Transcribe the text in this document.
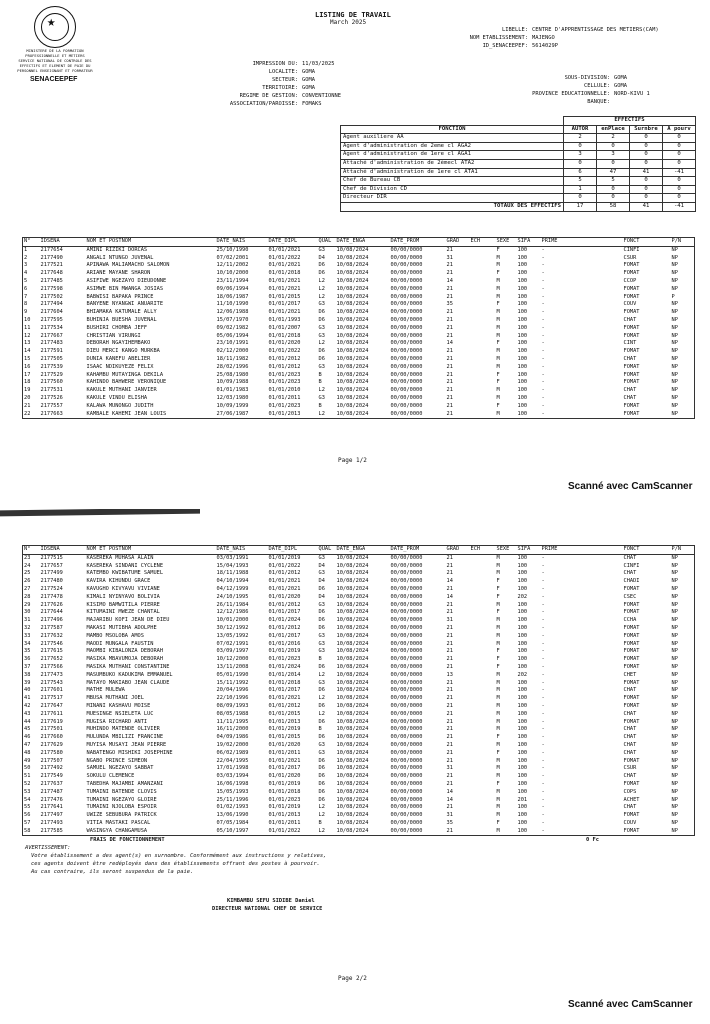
★
MINISTERE DE LA FORMATION
PROFESSIONNELLE ET METIERS
SERVICE NATIONAL DE CONTROLE DES
EFFECTIFS ET ELEMENT DE PAIE DU
PERSONNEL ENSEIGNANT ET FORMATEUR
SENACEEPEF
LISTING DE TRAVAIL
March 2025
LIBELLE: CENTRE D'APPRENTISSAGE DES METIERS(CAM)
NOM ETABLISSEMENT: MAJENGO
ID_SENACEEPEF: 5614029P
IMPRESSION DU: 11/03/2025
LOCALITE: GOMA
SECTEUR: GOMA
TERRITOIRE: GOMA
REGIME DE GESTION: CONVENTIONNE
ASSOCIATION/PAROISSE: FOMAKS
SOUS-DIVISION: GOMA
CELLULE: GOMA
PROVINCE EDUCATIONNELLE: NORD-KIVU 1
BANQUE:
	EFFECTIFS			
FONCTION	AUTOR	enPlace	Surnbre	A pourv
Agent auxiliere AA	2	2	0	0
Agent d'administration de 2eme cl AGA2	0	0	0	0
Agent d'administration de 1ere cl AGA1	3	3	0	0
Attaché d'administration de 2èmecl ATA2	0	0	0	0
Attaché d'administration de 1ere cl ATA1	6	47	41	-41
Chef de Bureau CB	5	5	0	0
Chef de Division CD	1	0	0	0
Directeur DIR	0	0	0	0
TOTAUX DES EFFECTIFS	17	58	41	-41
N°	IDSENA	NOM ET POSTNOM	DATE_NAIS	DATE_DIPL	QUAL	DATE_ENGA	DATE_PROM	GRAD	ECH	SEXE	SIFA	PRIME	FONCT	P/N
1	2177654	AMINI RIZIKI DORCAS	25/10/1990	01/01/2021	G3	10/08/2024	00/00/0000	21		F	100	-	CINFI	NP
2	2177490	ANGALI NTUNGO JUVENAL	07/02/2001	01/01/2022	D4	10/08/2024	00/00/0000	31		M	100	-	CSUR	NP
3	2177521	APINAWA MALIAMACHO SALOMON	12/11/2002	01/01/2021	D6	10/08/2024	00/00/0000	21		M	100	-	FOMAT	NP
4	2177648	ARIANE MAYANE SHARON	10/10/2000	01/01/2018	D6	10/08/2024	00/00/0000	21		F	100	-	FOMAT	NP
5	2177485	ASIFIWE NGEZAYO DIEUDONNE	23/11/1994	01/01/2021	L2	10/08/2024	00/00/0000	14		M	100	-	CCOP	NP
6	2177598	ASIMWE BIN MWANGA JOSIAS	09/06/1994	01/01/2021	L2	10/08/2024	00/00/0000	21		M	100	-	FOMAT	NP
7	2177502	BABWISI BAPAKA PRINCE	18/06/1987	01/01/2015	L2	10/08/2024	00/00/0000	21		M	100	-	FOMAT	P
8	2177494	BANYENE NYANGWI ANUARITE	11/10/1990	01/01/2017	G3	10/08/2024	00/00/0000	35		F	100	-	COUV	NP
9	2177604	BHIAMAKA KATUMALE ALLY	12/06/1988	01/01/2021	D6	10/08/2024	00/00/0000	21		M	100	-	FOMAT	NP
10	2177595	BUHINJA BUESHA JUVENAL	15/07/1970	01/01/1993	D6	10/08/2024	00/00/0000	21		M	100	-	CHAT	NP
11	2177534	BUSHIRI CHOMBA JEFF	09/02/1982	01/01/2007	G3	10/08/2024	00/00/0000	21		M	100	-	FOMAT	NP
12	2177667	CHRISTIAN VIRUNGI	05/06/1994	01/01/2018	G3	10/08/2024	00/00/0000	21		M	100	-	FOMAT	NP
13	2177483	DEBORAH NGAYIHEMBAKO	23/10/1991	01/01/2020	L2	10/08/2024	00/00/0000	14		F	100	-	CINT	NP
14	2177591	DIEU MERCI KANGO MURKBA	02/12/2000	01/01/2022	D6	10/08/2024	00/00/0000	21		M	100	-	FOMAT	NP
15	2177505	DUNIA KANEFU ABELIER	18/11/1982	01/01/2012	D6	10/08/2024	00/00/0000	21		M	100	-	CHAT	NP
16	2177539	ISAAC NDIKUYEZE FELIX	28/02/1996	01/01/2012	G3	10/08/2024	00/00/0000	21		M	100	-	FOMAT	NP
17	2177529	KAHAMBU MUTAYINGA DEKILA	25/08/1980	01/01/2023	B	10/08/2024	00/00/0000	21		F	100	-	FOMAT	NP
18	2177560	KAHINDO BAHWERE VERONIQUE	10/09/1988	01/01/2023	B	10/08/2024	00/00/0000	21		F	100	-	FOMAT	NP
19	2177531	KAKULE MUTHANI JANVIER	01/01/1983	01/01/2010	L2	10/08/2024	00/00/0000	21		M	100	-	CHAT	NP
20	2177526	KAKULE VINDU ELISHA	12/03/1980	01/01/2011	G3	10/08/2024	00/00/0000	21		M	100	-	CHAT	NP
21	2177557	KALAWA MUNONGO JUDITH	10/09/1999	01/01/2023	B	10/08/2024	00/00/0000	21		F	100	-	FOMAT	NP
22	2177663	KAMBALE KAHEMI JEAN LOUIS	27/06/1987	01/01/2013	L2	10/08/2024	00/00/0000	21		M	100	-	FOMAT	NP
Page 1/2
Scanné avec CamScanner
N°	IDSENA	NOM ET POSTNOM	DATE_NAIS	DATE_DIPL	QUAL	DATE_ENGA	DATE_PROM	GRAD	ECH	SEXE	SIFA	PRIME	FONCT	P/N
23	2177515	KASEREKA MUHASA ALAIN	03/03/1991	01/01/2019	G3	10/08/2024	00/00/0000	21		M	100	-	CHAT	NP
24	2177657	KASEREKA SINDANI CYCLENE	15/04/1993	01/01/2022	D4	10/08/2024	00/00/0000	21		M	100	-	CINFI	NP
25	2177499	KATEMBO KWIBATUME SAMUEL	18/11/1988	01/01/2012	G3	10/08/2024	00/00/0000	21		M	100	-	CHAT	NP
26	2177480	KAVIRA KIHUNDU GRACE	04/10/1994	01/01/2021	D4	10/08/2024	00/00/0000	14		F	100	-	CHADI	NP
27	2177524	KAVUGHO KIVYAVU VIVIANE	04/12/1999	01/01/2021	D6	10/08/2024	00/00/0000	21		F	100	-	FOMAT	NP
28	2177478	KIMALI NYINYAVO BOLIVIA	24/10/1995	01/01/2020	D4	10/08/2024	00/00/0000	14		F	202	-	CSEC	NP
29	2177626	KISIMO BAMWITILA PIERRE	26/11/1984	01/01/2012	G3	10/08/2024	00/00/0000	21		M	100	-	FOMAT	NP
30	2177644	KITUMAINI MWEZE CHANTAL	12/12/1986	01/01/2017	D6	10/08/2024	00/00/0000	21		F	100	-	FOMAT	NP
31	2177496	MAJARIBU KOFI JEAN DE DIEU	10/01/2000	01/01/2024	D6	10/08/2024	00/00/0000	31		M	100	-	CCHA	NP
32	2177587	MAKASI MUTIBHA ADOLPHE	30/12/1992	01/01/2012	D6	10/08/2024	00/00/0000	21		M	100	-	FOMAT	NP
33	2177632	MAMBO MSOLOBA AMOS	13/05/1992	01/01/2017	G3	10/08/2024	00/00/0000	21		M	100	-	FOMAT	NP
34	2177546	MAODI MUNGALA FAUSTIN	07/02/1991	01/01/2016	G3	10/08/2024	00/00/0000	21		M	100	-	FOMAT	NP
35	2177615	MAOMBI KIBALONZA DEBORAH	03/09/1997	01/01/2019	G3	10/08/2024	00/00/0000	21		F	100	-	FOMAT	NP
36	2177652	MASIKA MBAVUMOJA DEBORAH	10/12/2000	01/01/2023	B	10/08/2024	00/00/0000	21		F	100	-	FOMAT	NP
37	2177566	MASIKA MUTHANI CONSTANTINE	13/11/2008	01/01/2024	D6	10/08/2024	00/00/0000	21		F	100	-	FOMAT	NP
38	2177473	MASUMBUKO KADUKIMA EMMANUEL	05/01/1990	01/01/2014	L2	10/08/2024	00/00/0000	13		M	202	-	CHET	NP
39	2177543	MATAYO MAKIABO JEAN CLAUDE	15/11/1992	01/01/2018	G3	10/08/2024	00/00/0000	21		M	100	-	FOMAT	NP
40	2177601	MATHE MULEWA	20/04/1996	01/01/2017	D6	10/08/2024	00/00/0000	21		M	100	-	CHAT	NP
41	2177517	MBUSA MUTHANI JOEL	22/10/1996	01/01/2021	L2	10/08/2024	00/00/0000	21		M	100	-	FOMAT	NP
42	2177647	MINANI KASHAVU MOISE	08/09/1993	01/01/2012	D6	10/08/2024	00/00/0000	21		M	100	-	FOMAT	NP
43	2177611	MUESINGE NSIELETA LUC	08/05/1988	01/01/2015	L2	10/08/2024	00/00/0000	21		M	100	-	CHAT	NP
44	2177619	MUGISA RICHARD ANTI	11/11/1995	01/01/2013	D6	10/08/2024	00/00/0000	21		M	100	-	FOMAT	NP
45	2177501	MUHINDO MATENDE OLIVIER	16/11/2000	01/01/2019	B	10/08/2024	00/00/0000	21		M	100	-	CHAT	NP
46	2177660	MULUNDA MBILIZI FRANCINE	04/09/1986	01/01/2015	D6	10/08/2024	00/00/0000	21		F	100	-	CHAT	NP
47	2177629	MUYISA MUSAYI JEAN PIERRE	19/02/2000	01/01/2020	G3	10/08/2024	00/00/0000	21		M	100	-	CHAT	NP
48	2177580	NABATENGO MISHIKI JOSEPHINE	06/02/1989	01/01/2011	G3	10/08/2024	00/00/0000	21		F	100	-	CHAT	NP
49	2177507	NGABO PRINCE SIMEON	22/04/1995	01/01/2021	D6	10/08/2024	00/00/0000	21		M	100	-	FOMAT	NP
50	2177492	SAMUEL NGEZAYO SABBAT	17/01/1998	01/01/2017	D6	10/08/2024	00/00/0000	31		M	100	-	CSUR	NP
51	2177549	SOKULU CLEMENCE	03/03/1994	01/01/2020	D6	10/08/2024	00/00/0000	21		M	100	-	CHAT	NP
52	2177637	TABEDHA MAJAMBI AMANZANI	16/06/1998	01/01/2019	D6	10/08/2024	00/00/0000	21		F	100	-	FOMAT	NP
53	2177487	TUMAINI BATENDE CLOVIS	15/05/1993	01/01/2018	D6	10/08/2024	00/00/0000	14		M	100	-	COPS	NP
54	2177476	TUMAINI NGEZAYO GLOIRE	25/11/1996	01/01/2023	D6	10/08/2024	00/00/0000	14		M	201	-	ACHET	NP
55	2177641	TUMAINI NJOLOBA ESPOIR	01/02/1993	01/01/2019	L2	10/08/2024	00/00/0000	21		M	100	-	CHAT	NP
56	2177497	UWIZE SEBUBURA PATRICK	13/06/1990	01/01/2013	L2	10/08/2024	00/00/0000	31		M	100	-	FOMAT	NP
57	2177493	VITIA MASTAKI PASCAL	07/05/1984	01/01/2011	B	10/08/2024	00/00/0000	35		F	100	-	COUV	NP
58	2177585	WASINGYA CHANGAMUSA	05/10/1997	01/01/2022	L2	10/08/2024	00/00/0000	21		M	100	-	FOMAT	NP
FRAIS DE FONCTIONNEMENT	0 Fc
AVERTISSEMENT:
Votre établissement a des agent(s) en surnombre. Conformément aux instructions y relatives,
ces agents doivent être redéployés dans des établissements offrant des postes à pourvoir.
Au cas contraire, ils seront suspendus de la paie.
KIMBAMBU SEFU SIDIBE Daniel
DIRECTEUR NATIONAL CHEF DE SERVICE
Page 2/2
Scanné avec CamScanner
